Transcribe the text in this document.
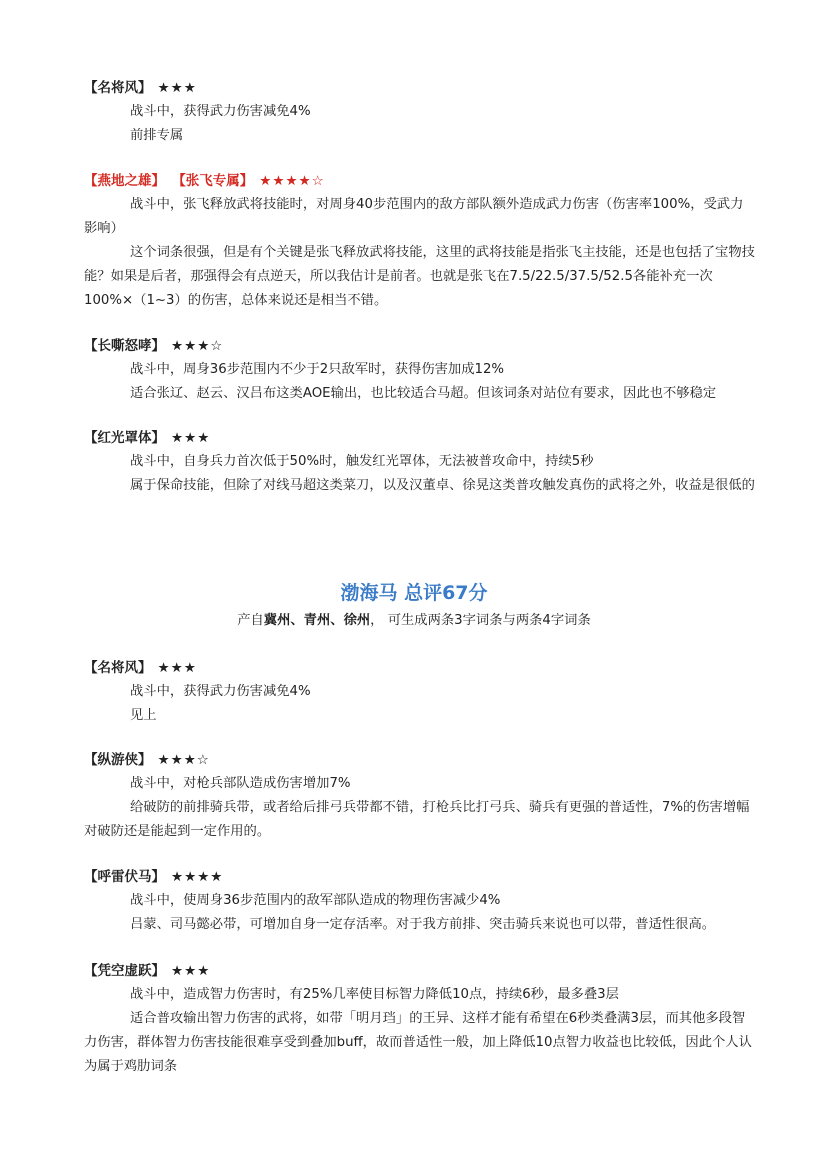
【名将风】 ★★★
战斗中，获得武力伤害减免4%
前排专属
【燕地之雄】 【张飞专属】 ★★★★☆

战斗中，张飞释放武将技能时，对周身40步范围内的敌方部队额外造成武力伤害（伤害率100%，受武力影响）

这个词条很强，但是有个关键是张飞释放武将技能，这里的武将技能是指张飞主技能，还是也包括了宝物技能？如果是后者，那强得会有点逆天，所以我估计是前者。也就是张飞在7.5/22.5/37.5/52.5各能补充一次100%×（1~3）的伤害，总体来说还是相当不错。

【长嘶怒哮】 ★★★☆
战斗中，周身36步范围内不少于2只敌军时，获得伤害加成12%
适合张辽、赵云、汉吕布这类AOE输出，也比较适合马超。但该词条对站位有要求，因此也不够稳定
【红光罩体】 ★★★

战斗中，自身兵力首次低于50%时，触发红光罩体，无法被普攻命中，持续5秒

属于保命技能，但除了对线马超这类菜刀，以及汉董卓、徐晃这类普攻触发真伤的武将之外，收益是很低的

渤海马 总评67分
产自冀州、青州、徐州， 可生成两条3字词条与两条4字词条
【名将风】 ★★★
战斗中，获得武力伤害减免4%
见上
【纵游侠】 ★★★☆

战斗中，对枪兵部队造成伤害增加7%

给破防的前排骑兵带，或者给后排弓兵带都不错，打枪兵比打弓兵、骑兵有更强的普适性，7%的伤害增幅对破防还是能起到一定作用的。

【呼雷伏马】 ★★★★
战斗中，使周身36步范围内的敌军部队造成的物理伤害减少4%
吕蒙、司马懿必带，可增加自身一定存活率。对于我方前排、突击骑兵来说也可以带，普适性很高。
【凭空虚跃】 ★★★

战斗中，造成智力伤害时，有25%几率使目标智力降低10点，持续6秒，最多叠3层

适合普攻输出智力伤害的武将，如带「明月珰」的王异、这样才能有希望在6秒类叠满3层，而其他多段智力伤害，群体智力伤害技能很难享受到叠加buff，故而普适性一般，加上降低10点智力收益也比较低，因此个人认为属于鸡肋词条
